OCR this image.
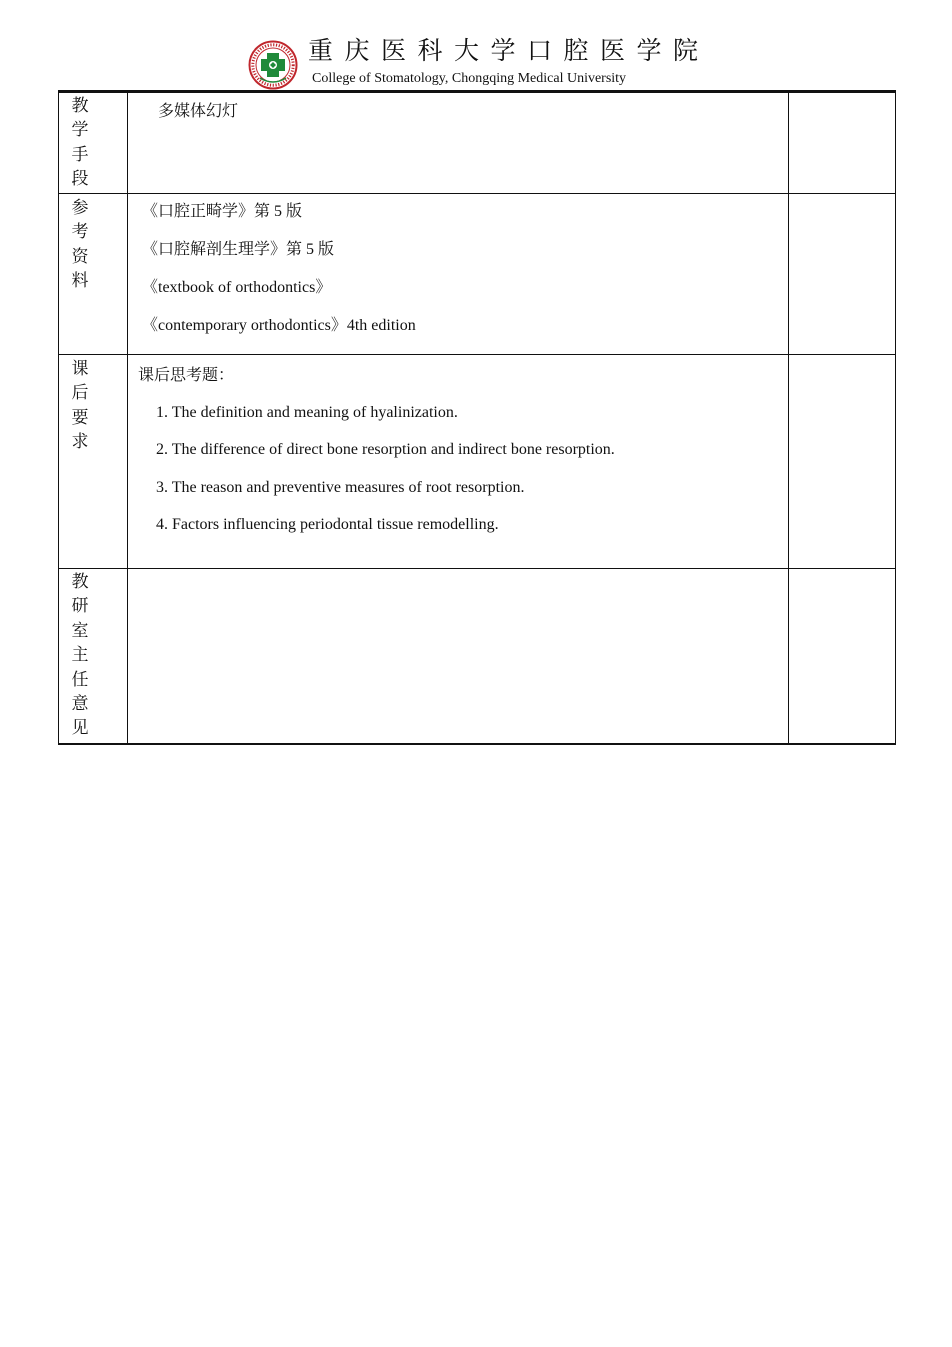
重庆医科大学口腔医学院
College of Stomatology, Chongqing Medical University
教
学
手
段
多媒体幻灯
参
考
资
料
《口腔正畸学》第 5 版
《口腔解剖生理学》第 5 版
《textbook of orthodontics》
《contemporary orthodontics》4th edition
课
后
要
求
课后思考题：
1. The definition and meaning of hyalinization.
2. The difference of direct bone resorption and indirect bone resorption.
3. The reason and preventive measures of root resorption.
4. Factors influencing periodontal tissue remodelling.
教
研
室
主
任
意
见
